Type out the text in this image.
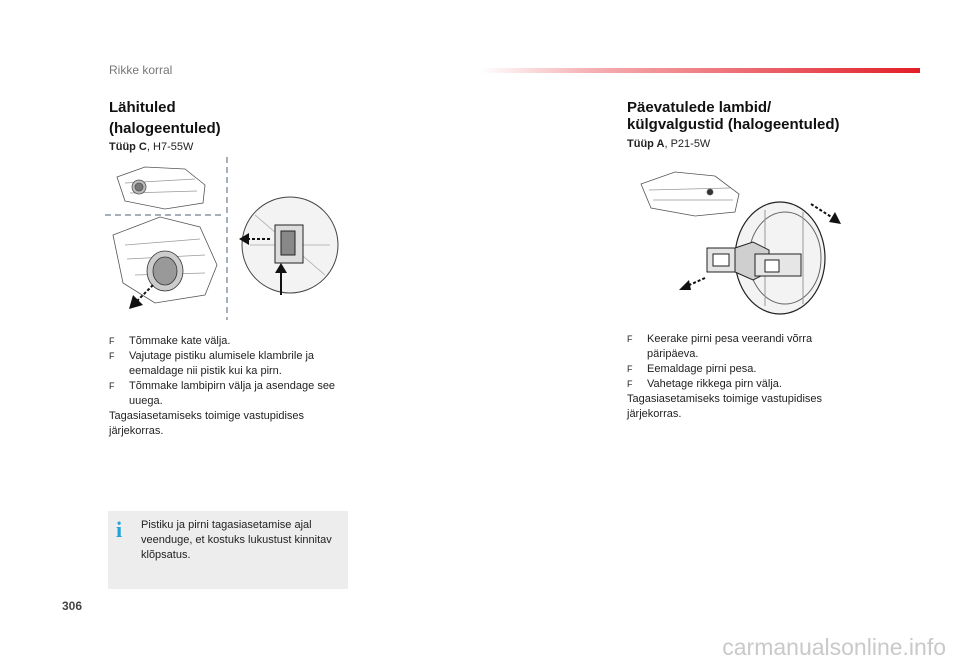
Rikke korral
Lähituled
(halogeentuled)
Tüüp C, H7-55W
F Tõmmake kate välja.
F Vajutage pistiku alumisele klambrile ja
eemaldage nii pistik kui ka pirn.
F Tõmmake lambipirn välja ja asendage see
uuega.
Tagasiasetamiseks toimige vastupidises
järjekorras.
i Pistiku ja pirni tagasiasetamise ajal
veenduge, et kostuks lukustust kinnitav
klõpsatus.
Päevatulede lambid/
külgvalgustid (halogeentuled)
Tüüp A, P21-5W
F Keerake pirni pesa veerandi võrra
päripäeva.
F Eemaldage pirni pesa.
F Vahetage rikkega pirn välja.
Tagasiasetamiseks toimige vastupidises
järjekorras.
306
carmanualsonline.info
